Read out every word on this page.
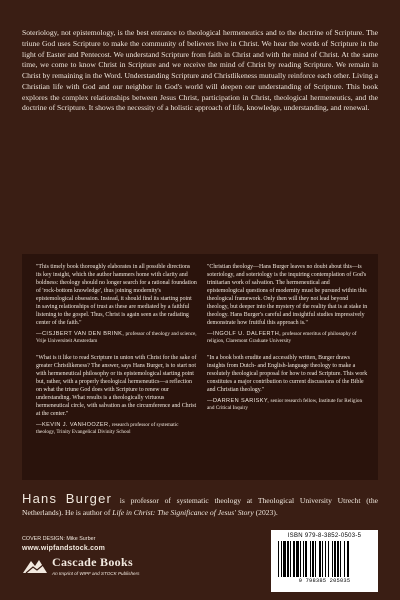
Soteriology, not epistemology, is the best entrance to theological hermeneutics and to the doctrine of Scripture. The triune God uses Scripture to make the community of believers live in Christ. We hear the words of Scripture in the light of Easter and Pentecost. We understand Scripture from faith in Christ and with the mind of Christ. At the same time, we come to know Christ in Scripture and we receive the mind of Christ by reading Scripture. We remain in Christ by remaining in the Word. Understanding Scripture and Christlikeness mutually reinforce each other. Living a Christian life with God and our neighbor in God's world will deepen our understanding of Scripture. This book explores the complex relationships between Jesus Christ, participation in Christ, theological hermeneutics, and the doctrine of Scripture. It shows the necessity of a holistic approach of life, knowledge, understanding, and renewal.

"This timely book thoroughly elaborates in all possible directions its key insight, which the author hammers home with clarity and boldness: theology should no longer search for a rational foundation of 'rock-bottom knowledge', thus joining modernity's epistemological obsession. Instead, it should find its starting point in saving relationships of trust as these are mediated by a faithful listening to the gospel. Thus, Christ is again seen as the radiating center of the faith."

—CISJBERT VAN DEN BRINK, professor of theology and science, Vrije Universiteit Amsterdam

"What is it like to read Scripture in union with Christ for the sake of greater Christlikeness? The answer, says Hans Burger, is to start not with hermeneutical philosophy or its epistemological starting point but, rather, with a properly theological hermeneutics—a reflection on what the triune God does with Scripture to renew our understanding. What results is a theologically virtuous hermeneutical circle, with salvation as the circumference and Christ at the center."

—KEVIN J. VANHOOZER, research professor of systematic theology, Trinity Evangelical Divinity School

"Christian theology—Hans Burger leaves no doubt about this—is soteriology, and soteriology is the inquiring contemplation of God's trinitarian work of salvation. The hermeneutical and epistemological questions of modernity must be pursued within this theological framework. Only then will they not lead beyond theology, but deeper into the mystery of the reality that is at stake in theology. Hans Burger's careful and insightful studies impressively demonstrate how fruitful this approach is."

—INGOLF U. DALFERTH, professor emeritus of philosophy of religion, Claremont Graduate University

"In a book both erudite and accessibly written, Burger draws insights from Dutch- and English-language theology to make a resolutely theological proposal for how to read Scripture. This work constitutes a major contribution to current discussions of the Bible and Christian theology."

—DARREN SARISKY, senior research fellow, Institute for Religion and Critical Inquiry

Hans Burger is professor of systematic theology at Theological University Utrecht (the Netherlands). He is author of Life in Christ: The Significance of Jesus' Story (2023).

COVER DESIGN: Mike Surber
www.wipfandstock.com
Cascade Books
An Imprint of WIPF and STOCK Publishers
ISBN 979-8-3852-0503-5
9 798385 205035
